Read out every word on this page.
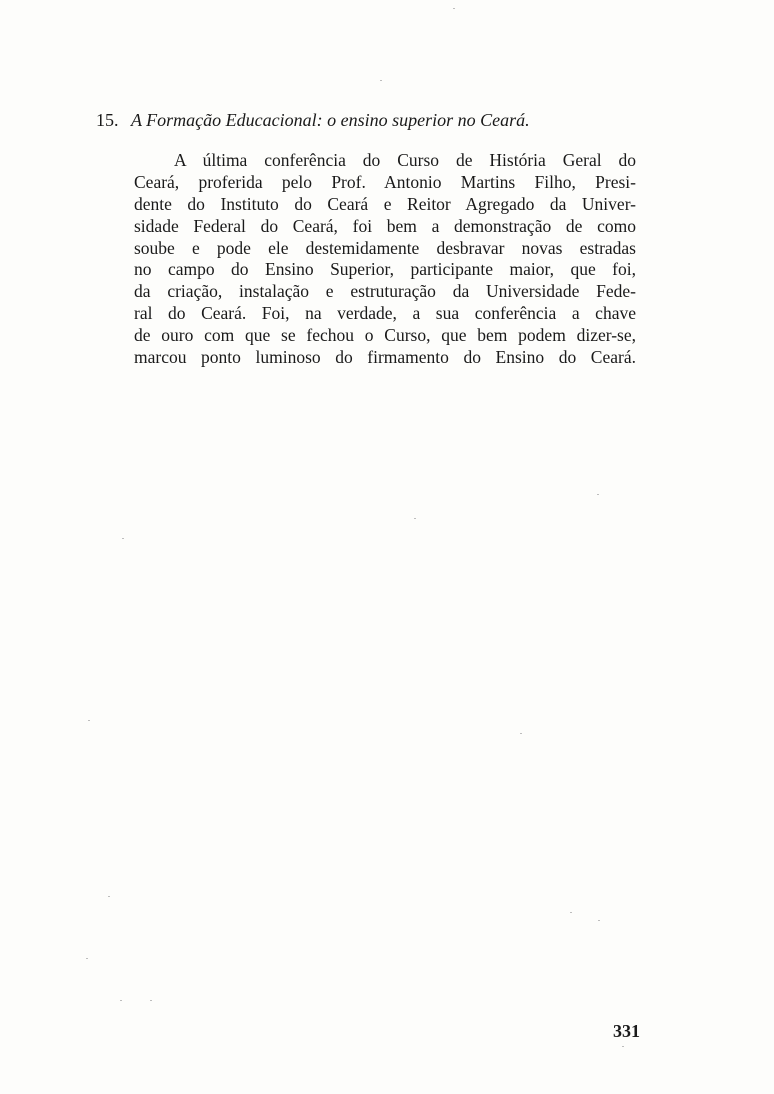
15. A Formação Educacional: o ensino superior no Ceará.
A última conferência do Curso de História Geral do
Ceará, proferida pelo Prof. Antonio Martins Filho, Presi-
dente do Instituto do Ceará e Reitor Agregado da Univer-
sidade Federal do Ceará, foi bem a demonstração de como
soube e pode ele destemidamente desbravar novas estradas
no campo do Ensino Superior, participante maior, que foi,
da criação, instalação e estruturação da Universidade Fede-
ral do Ceará. Foi, na verdade, a sua conferência a chave
de ouro com que se fechou o Curso, que bem podem dizer-se,
marcou ponto luminoso do firmamento do Ensino do Ceará.
331
